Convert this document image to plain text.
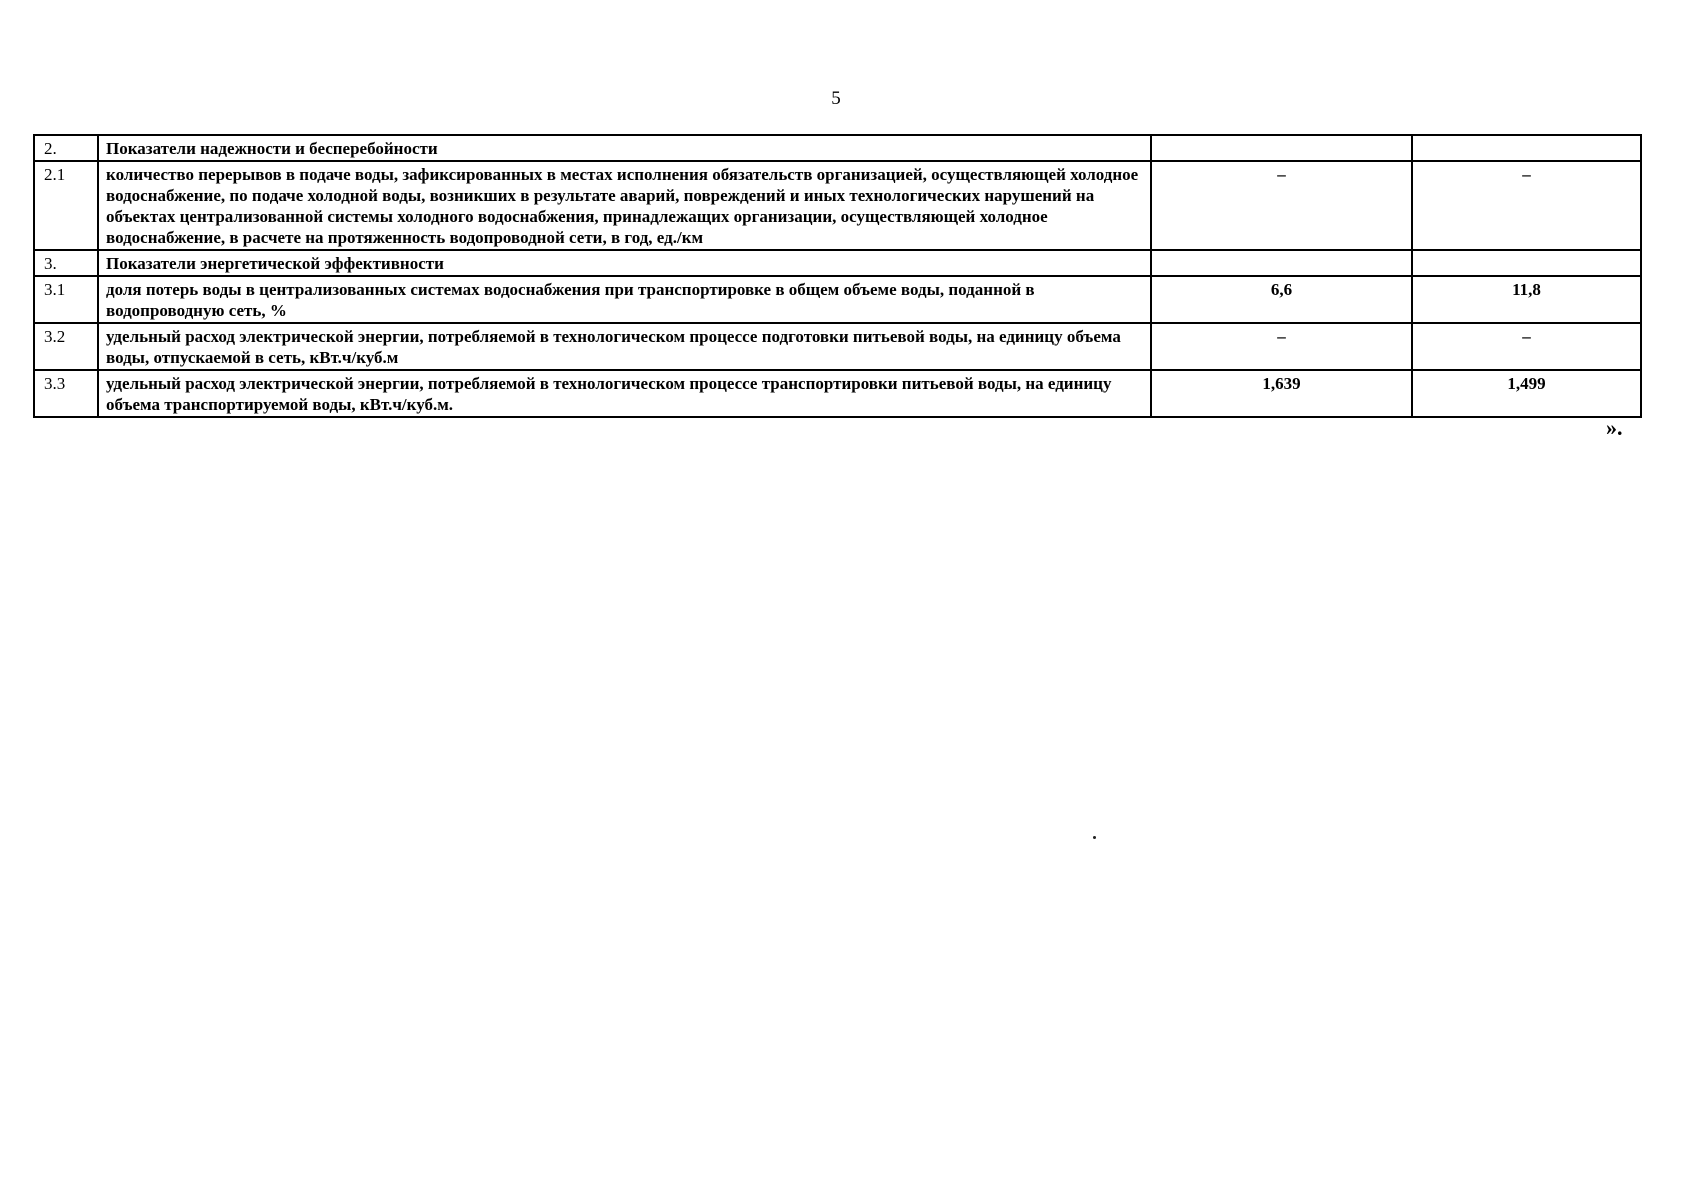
5
2.	Показатели надежности и бесперебойности		
2.1	количество перерывов в подаче воды, зафиксированных в местах исполнения обязательств организацией, осуществляющей холодное водоснабжение, по подаче холодной воды, возникших в результате аварий, повреждений и иных технологических нарушений на объектах централизованной системы холодного водоснабжения, принадлежащих организации, осуществляющей холодное водоснабжение, в расчете на протяженность водопроводной сети, в год, ед./км	–	–
3.	Показатели энергетической эффективности		
3.1	доля потерь воды в централизованных системах водоснабжения при транспортировке в общем объеме воды, поданной в водопроводную сеть, %	6,6	11,8
3.2	удельный расход электрической энергии, потребляемой в технологическом процессе подготовки питьевой воды, на единицу объема воды, отпускаемой в сеть, кВт.ч/куб.м	–	–
3.3	удельный расход электрической энергии, потребляемой в технологическом процессе транспортировки питьевой воды, на единицу объема транспортируемой воды, кВт.ч/куб.м.	1,639	1,499
».
